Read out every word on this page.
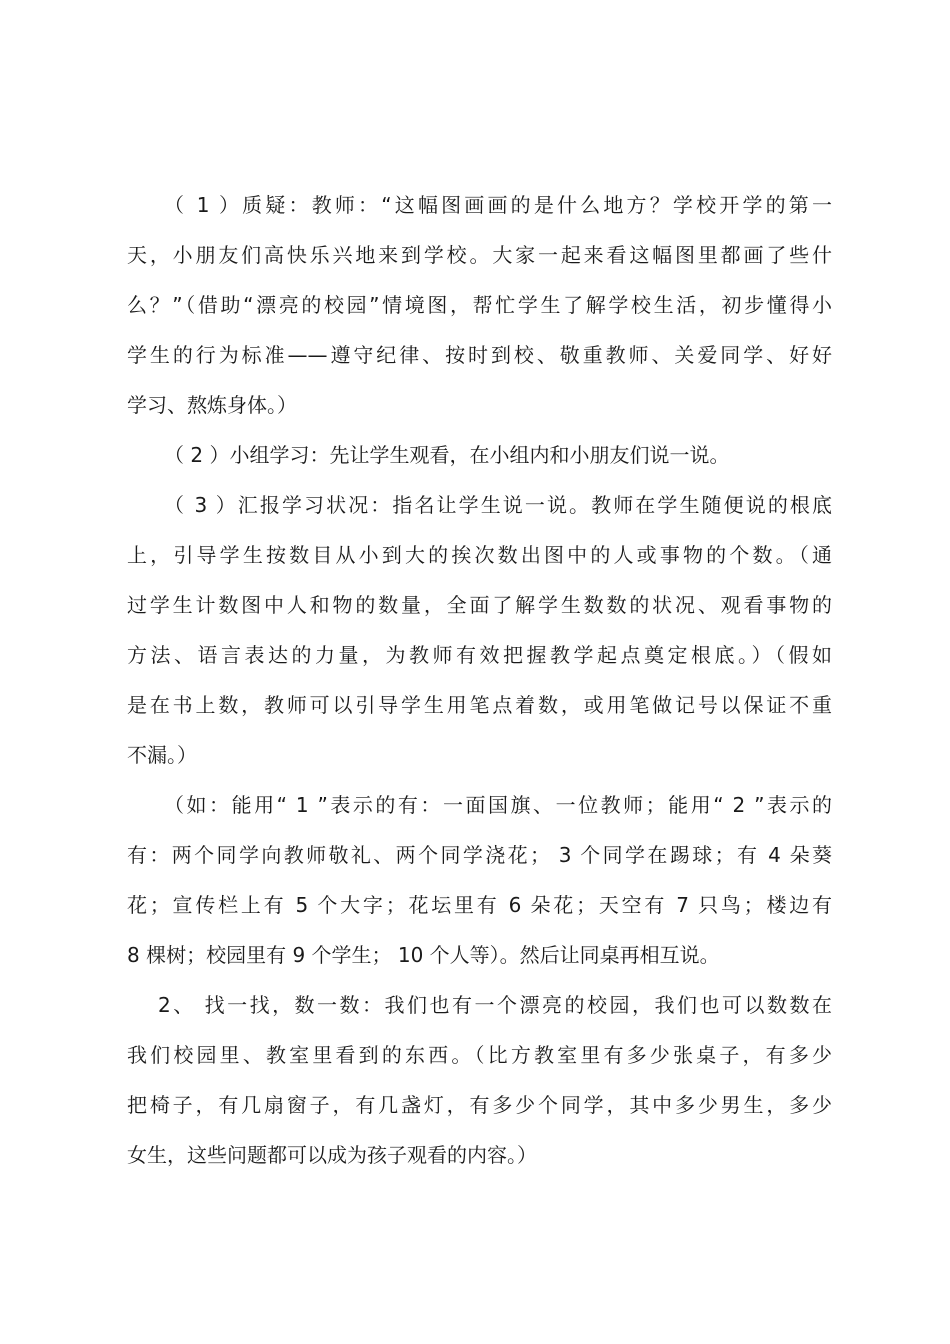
（ 1 ）质疑：教师：“这幅图画画的是什么地方？学校开学的第一
天，小朋友们高快乐兴地来到学校。大家一起来看这幅图里都画了些什
么？”（借助“漂亮的校园”情境图，帮忙学生了解学校生活，初步懂得小
学生的行为标准——遵守纪律、按时到校、敬重教师、关爱同学、好好
学习、熬炼身体。）
（ 2 ）小组学习：先让学生观看，在小组内和小朋友们说一说。
（ 3 ）汇报学习状况：指名让学生说一说。教师在学生随便说的根底
上，引导学生按数目从小到大的挨次数出图中的人或事物的个数。（通
过学生计数图中人和物的数量，全面了解学生数数的状况、观看事物的
方法、语言表达的力量，为教师有效把握教学起点奠定根底。）（假如
是在书上数，教师可以引导学生用笔点着数，或用笔做记号以保证不重
不漏。）
（如：能用“ 1 ”表示的有：一面国旗、一位教师；能用“ 2 ”表示的
有：两个同学向教师敬礼、两个同学浇花； 3 个同学在踢球；有 4 朵葵
花；宣传栏上有 5 个大字；花坛里有 6 朵花；天空有 7 只鸟；楼边有
8 棵树；校园里有 9 个学生； 10 个人等）。然后让同桌再相互说。
2、 找一找，数一数：我们也有一个漂亮的校园，我们也可以数数在
我们校园里、教室里看到的东西。（比方教室里有多少张桌子，有多少
把椅子，有几扇窗子，有几盏灯，有多少个同学，其中多少男生，多少
女生，这些问题都可以成为孩子观看的内容。）
